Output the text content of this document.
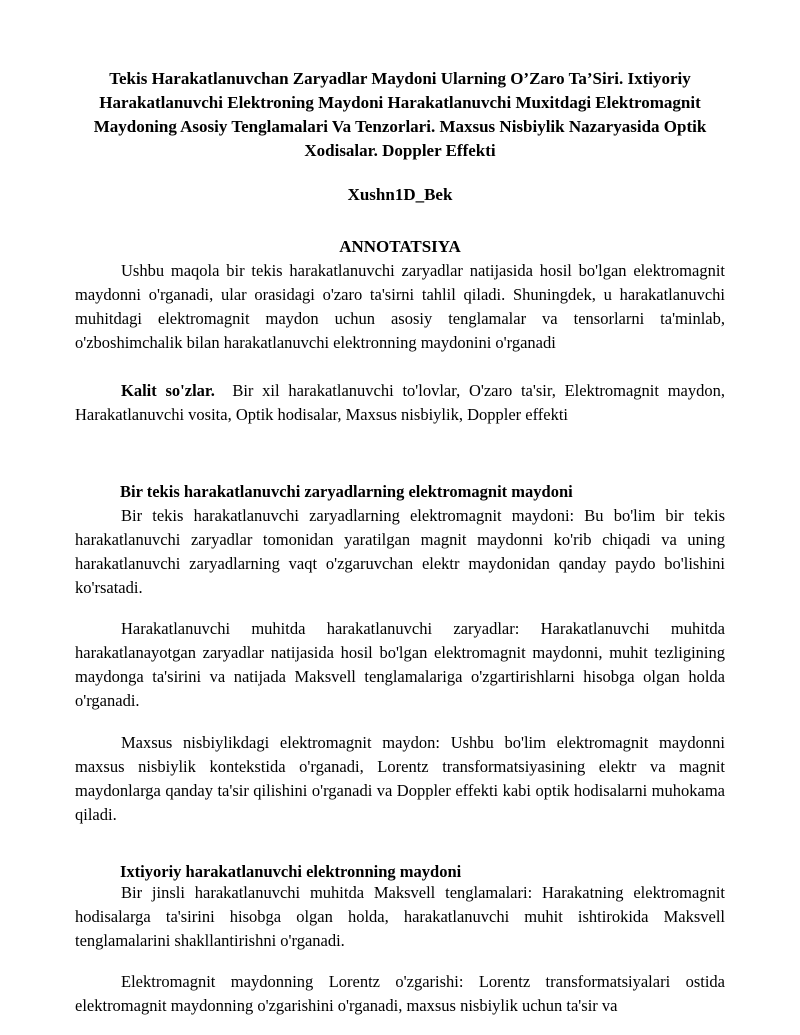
Tekis Harakatlanuvchan Zaryadlar Maydoni Ularning O’Zaro Ta’Siri. Ixtiyoriy Harakatlanuvchi Elektroning Maydoni Harakatlanuvchi Muxitdagi Elektromagnit Maydoning Asosiy Tenglamalari Va Tenzorlari. Maxsus Nisbiylik Nazaryasida Optik Xodisalar. Doppler Effekti
Xushn1D_Bek
ANNOTATSIYA

Ushbu maqola bir tekis harakatlanuvchi zaryadlar natijasida hosil bo'lgan elektromagnit maydonni o'rganadi, ular orasidagi o'zaro ta'sirni tahlil qiladi. Shuningdek, u harakatlanuvchi muhitdagi elektromagnit maydon uchun asosiy tenglamalar va tensorlarni ta'minlab, o'zboshimchalik bilan harakatlanuvchi elektronning maydonini o'rganadi

Kalit so'zlar. Bir xil harakatlanuvchi to'lovlar, O'zaro ta'sir, Elektromagnit maydon, Harakatlanuvchi vosita, Optik hodisalar, Maxsus nisbiylik, Doppler effekti

Bir tekis harakatlanuvchi zaryadlarning elektromagnit maydoni

Bir tekis harakatlanuvchi zaryadlarning elektromagnit maydoni: Bu bo'lim bir tekis harakatlanuvchi zaryadlar tomonidan yaratilgan magnit maydonni ko'rib chiqadi va uning harakatlanuvchi zaryadlarning vaqt o'zgaruvchan elektr maydonidan qanday paydo bo'lishini ko'rsatadi.

Harakatlanuvchi muhitda harakatlanuvchi zaryadlar: Harakatlanuvchi muhitda harakatlanayotgan zaryadlar natijasida hosil bo'lgan elektromagnit maydonni, muhit tezligining maydonga ta'sirini va natijada Maksvell tenglamalariga o'zgartirishlarni hisobga olgan holda o'rganadi.

Maxsus nisbiylikdagi elektromagnit maydon: Ushbu bo'lim elektromagnit maydonni maxsus nisbiylik kontekstida o'rganadi, Lorentz transformatsiyasining elektr va magnit maydonlarga qanday ta'sir qilishini o'rganadi va Doppler effekti kabi optik hodisalarni muhokama qiladi.

Ixtiyoriy harakatlanuvchi elektronning maydoni

Bir jinsli harakatlanuvchi muhitda Maksvell tenglamalari: Harakatning elektromagnit hodisalarga ta'sirini hisobga olgan holda, harakatlanuvchi muhit ishtirokida Maksvell tenglamalarini shakllantirishni o'rganadi.

Elektromagnit maydonning Lorentz o'zgarishi: Lorentz transformatsiyalari ostida elektromagnit maydonning o'zgarishini o'rganadi, maxsus nisbiylik uchun ta'sir va
